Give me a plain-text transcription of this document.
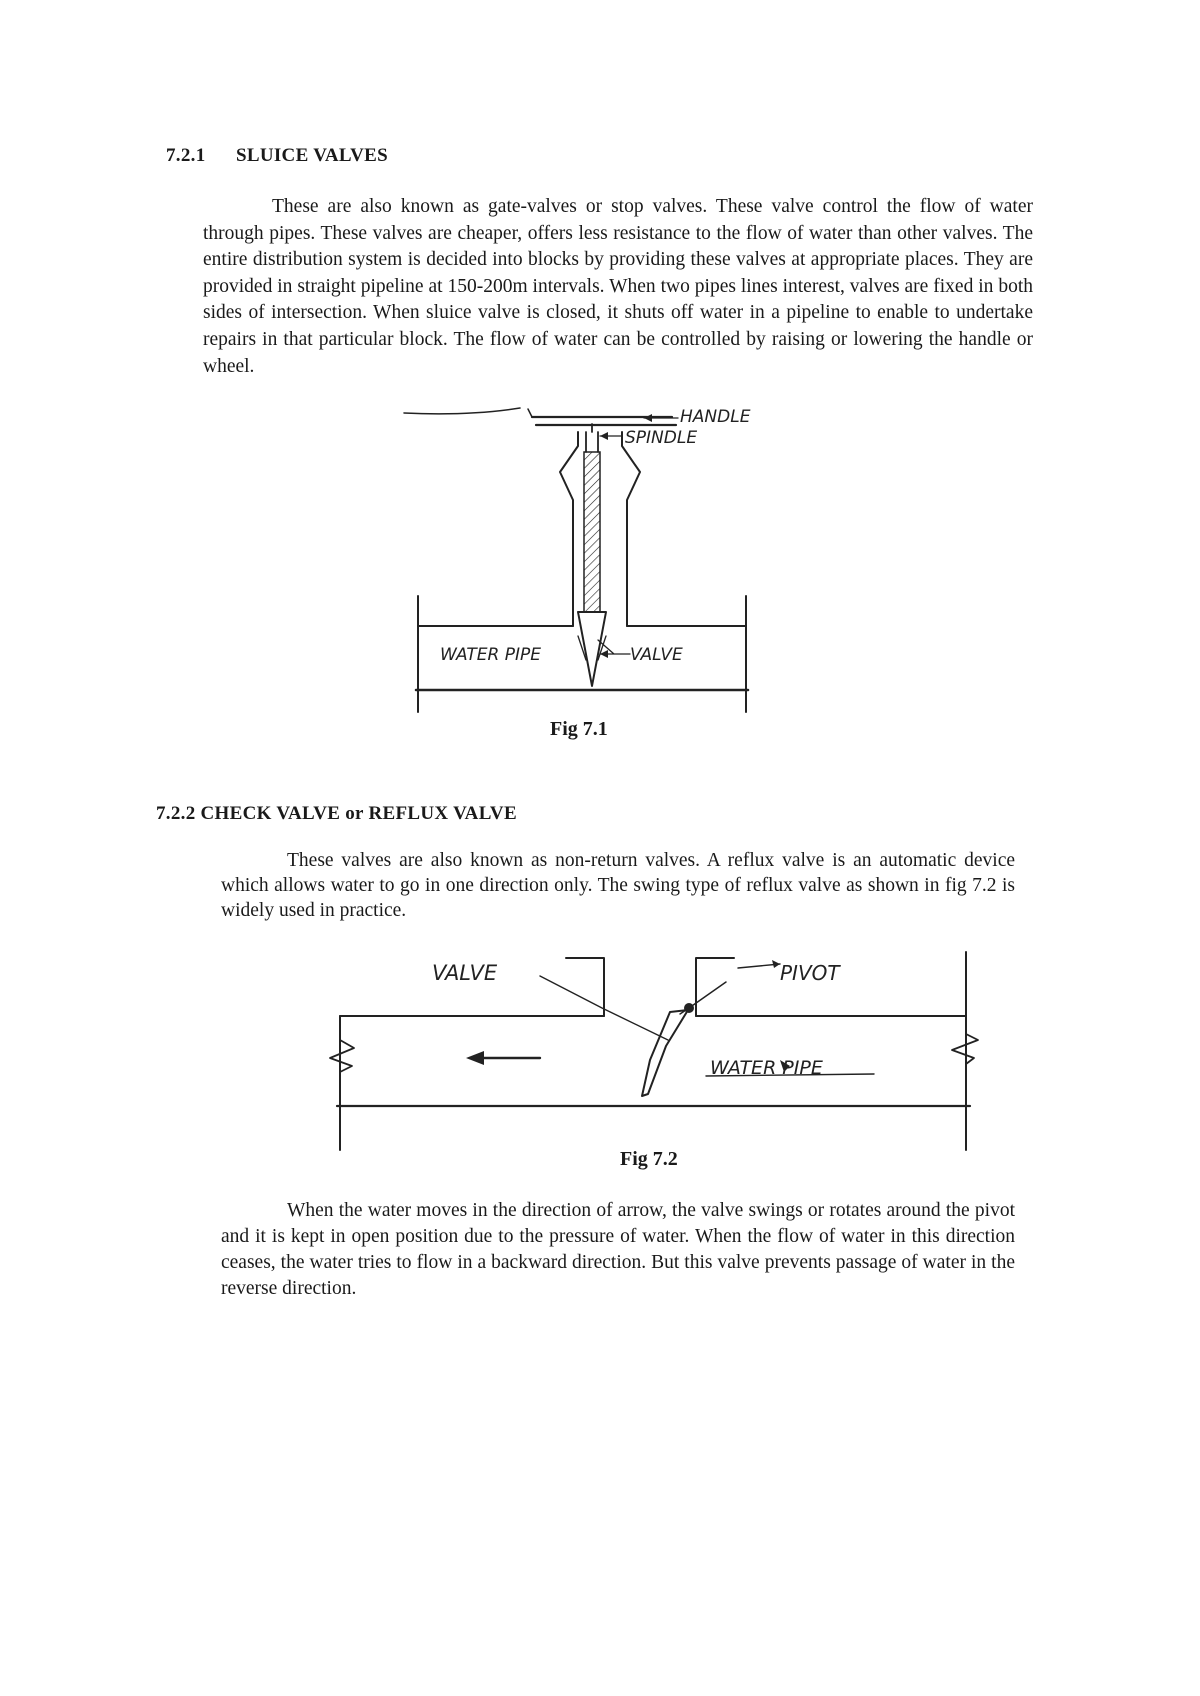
7.2.1 SLUICE VALVES

These are also known as gate-valves or stop valves. These valve control the flow of water through pipes. These valves are cheaper, offers less resistance to the flow of water than other valves. The entire distribution system is decided into blocks by providing these valves at appropriate places. They are provided in straight pipeline at 150-200m intervals. When two pipes lines interest, valves are fixed in both sides of intersection. When sluice valve is closed, it shuts off water in a pipeline to enable to undertake repairs in that particular block. The flow of water can be controlled by raising or lowering the handle or wheel.

HANDLE
SPINDLE
WATER PIPE	VALVE

Fig 7.1

7.2.2 CHECK VALVE or REFLUX VALVE

These valves are also known as non-return valves. A reflux valve is an automatic device which allows water to go in one direction only. The swing type of reflux valve as shown in fig 7.2 is widely used in practice.

VALVE	PIVOT
WATER PIPE

Fig 7.2

When the water moves in the direction of arrow, the valve swings or rotates around the pivot and it is kept in open position due to the pressure of water. When the flow of water in this direction ceases, the water tries to flow in a backward direction. But this valve prevents passage of water in the reverse direction.
